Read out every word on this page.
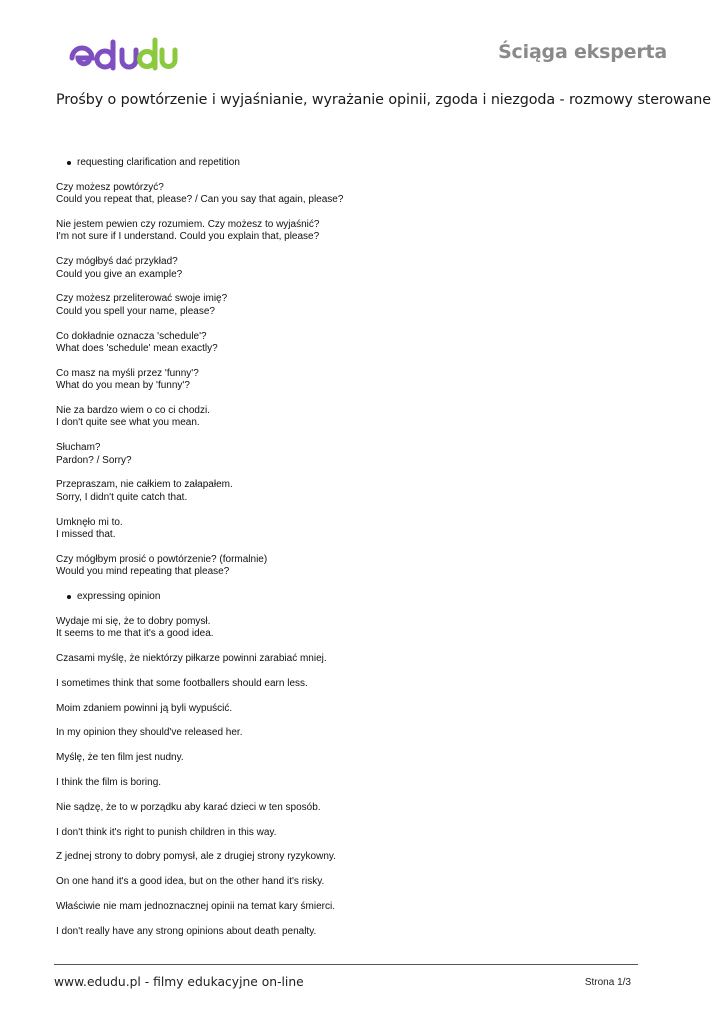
Ściąga eksperta
Prośby o powtórzenie i wyjaśnianie, wyrażanie opinii, zgoda i niezgoda - rozmowy sterowane
requesting clarification and repetition
Czy możesz powtórzyć?
Could you repeat that, please? / Can you say that again, please?
Nie jestem pewien czy rozumiem. Czy możesz to wyjaśnić?
I'm not sure if I understand. Could you explain that, please?
Czy mógłbyś dać przykład?
Could you give an example?
Czy możesz przeliterować swoje imię?
Could you spell your name, please?
Co dokładnie oznacza 'schedule'?
What does 'schedule' mean exactly?
Co masz na myśli przez 'funny'?
What do you mean by 'funny'?
Nie za bardzo wiem o co ci chodzi.
I don't quite see what you mean.
Słucham?
Pardon? / Sorry?
Przepraszam, nie całkiem to załapałem.
Sorry, I didn't quite catch that.
Umknęło mi to.
I missed that.
Czy mógłbym prosić o powtórzenie? (formalnie)
Would you mind repeating that please?
expressing opinion
Wydaje mi się, że to dobry pomysł.
It seems to me that it's a good idea.
Czasami myślę, że niektórzy piłkarze powinni zarabiać mniej.
I sometimes think that some footballers should earn less.
Moim zdaniem powinni ją byli wypuścić.
In my opinion they should've released her.
Myślę, że ten film jest nudny.
I think the film is boring.
Nie sądzę, że to w porządku aby karać dzieci w ten sposób.
I don't think it's right to punish children in this way.
Z jednej strony to dobry pomysł, ale z drugiej strony ryzykowny.
On one hand it's a good idea, but on the other hand it's risky.
Właściwie nie mam jednoznacznej opinii na temat kary śmierci.
I don't really have any strong opinions about death penalty.
www.edudu.pl - filmy edukacyjne on-line	Strona 1/3
